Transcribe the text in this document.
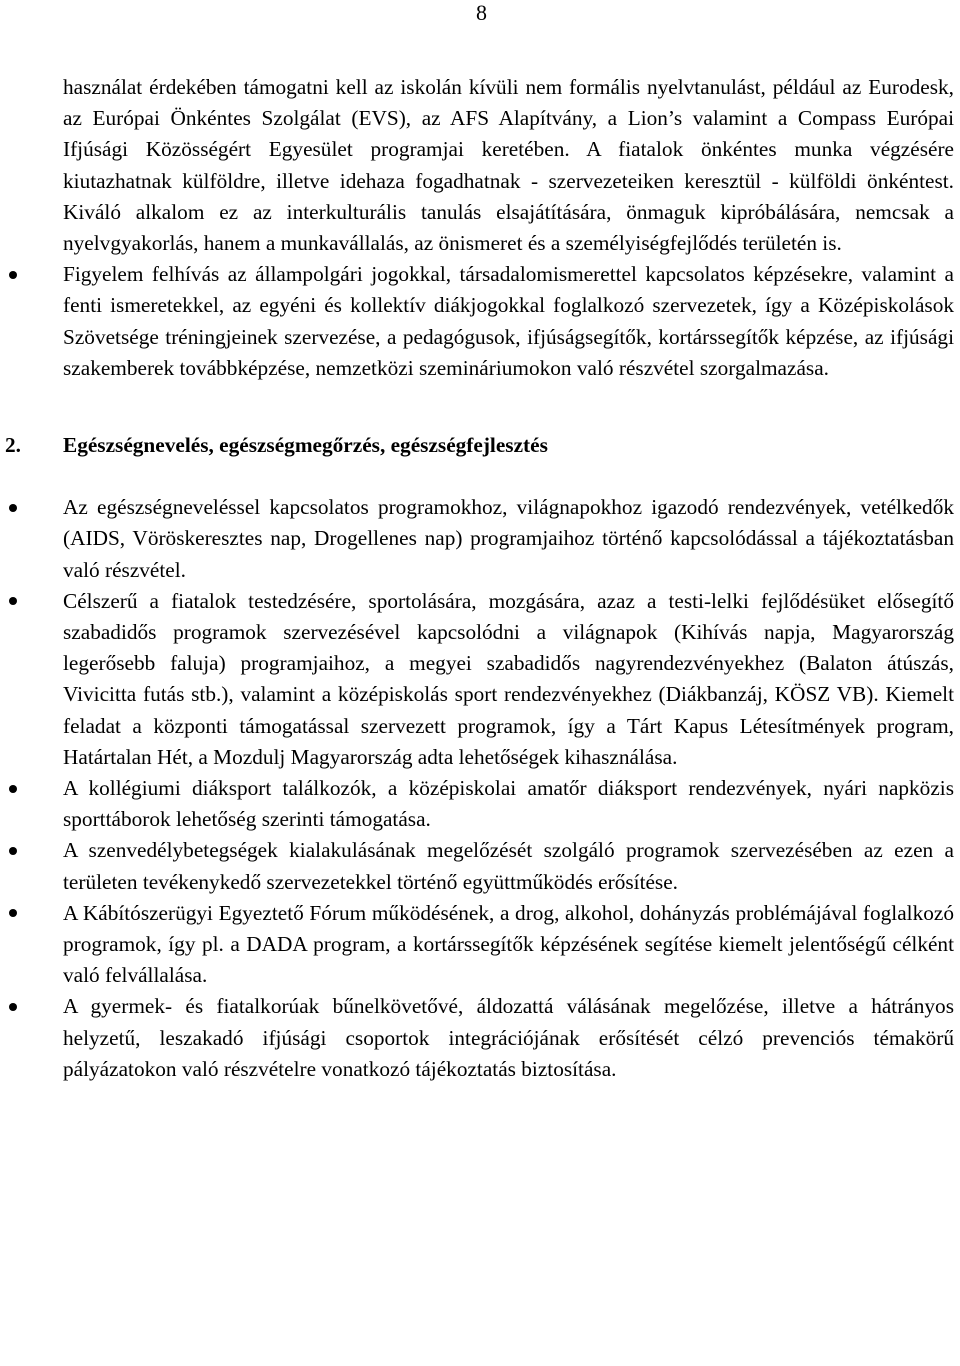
8

használat érdekében támogatni kell az iskolán kívüli nem formális nyelvtanulást, például az Eurodesk, az Európai Önkéntes Szolgálat (EVS), az AFS Alapítvány, a Lion’s valamint a Compass Európai Ifjúsági Közösségért Egyesület programjai keretében. A fiatalok önkéntes munka végzésére kiutazhatnak külföldre, illetve idehaza fogadhatnak - szervezeteiken keresztül - külföldi önkéntest. Kiváló alkalom ez az interkulturális tanulás elsajátítására, önmaguk kipróbálására, nemcsak a nyelvgyakorlás, hanem a munkavállalás, az önismeret és a személyiségfejlődés területén is.

Figyelem felhívás az állampolgári jogokkal, társadalomismerettel kapcsolatos képzésekre, valamint a fenti ismeretekkel, az egyéni és kollektív diákjogokkal foglalkozó szervezetek, így a Középiskolások Szövetsége tréningjeinek szervezése, a pedagógusok, ifjúságsegítők, kortárssegítők képzése, az ifjúsági szakemberek továbbképzése, nemzetközi szemináriumokon való részvétel szorgalmazása.

2. Egészségnevelés, egészségmegőrzés, egészségfejlesztés

Az egészségneveléssel kapcsolatos programokhoz, világnapokhoz igazodó rendezvények, vetélkedők (AIDS, Vöröskeresztes nap, Drogellenes nap) programjaihoz történő kapcsolódással a tájékoztatásban való részvétel.

Célszerű a fiatalok testedzésére, sportolására, mozgására, azaz a testi-lelki fejlődésüket elősegítő szabadidős programok szervezésével kapcsolódni a világnapok (Kihívás napja, Magyarország legerősebb faluja) programjaihoz, a megyei szabadidős nagyrendezvényekhez (Balaton átúszás, Vivicitta futás stb.), valamint a középiskolás sport rendezvényekhez (Diákbanzáj, KÖSZ VB). Kiemelt feladat a központi támogatással szervezett programok, így a Tárt Kapus Létesítmények program, Határtalan Hét, a Mozdulj Magyarország adta lehetőségek kihasználása.

A kollégiumi diáksport találkozók, a középiskolai amatőr diáksport rendezvények, nyári napközis sporttáborok lehetőség szerinti támogatása.

A szenvedélybetegségek kialakulásának megelőzését szolgáló programok szervezésében az ezen a területen tevékenykedő szervezetekkel történő együttműködés erősítése.

A Kábítószerügyi Egyeztető Fórum működésének, a drog, alkohol, dohányzás problémájával foglalkozó programok, így pl. a DADA program, a kortárssegítők képzésének segítése kiemelt jelentőségű célként való felvállalása.

A gyermek- és fiatalkorúak bűnelkövetővé, áldozattá válásának megelőzése, illetve a hátrányos helyzetű, leszakadó ifjúsági csoportok integrációjának erősítését célzó prevenciós témakörű pályázatokon való részvételre vonatkozó tájékoztatás biztosítása.
